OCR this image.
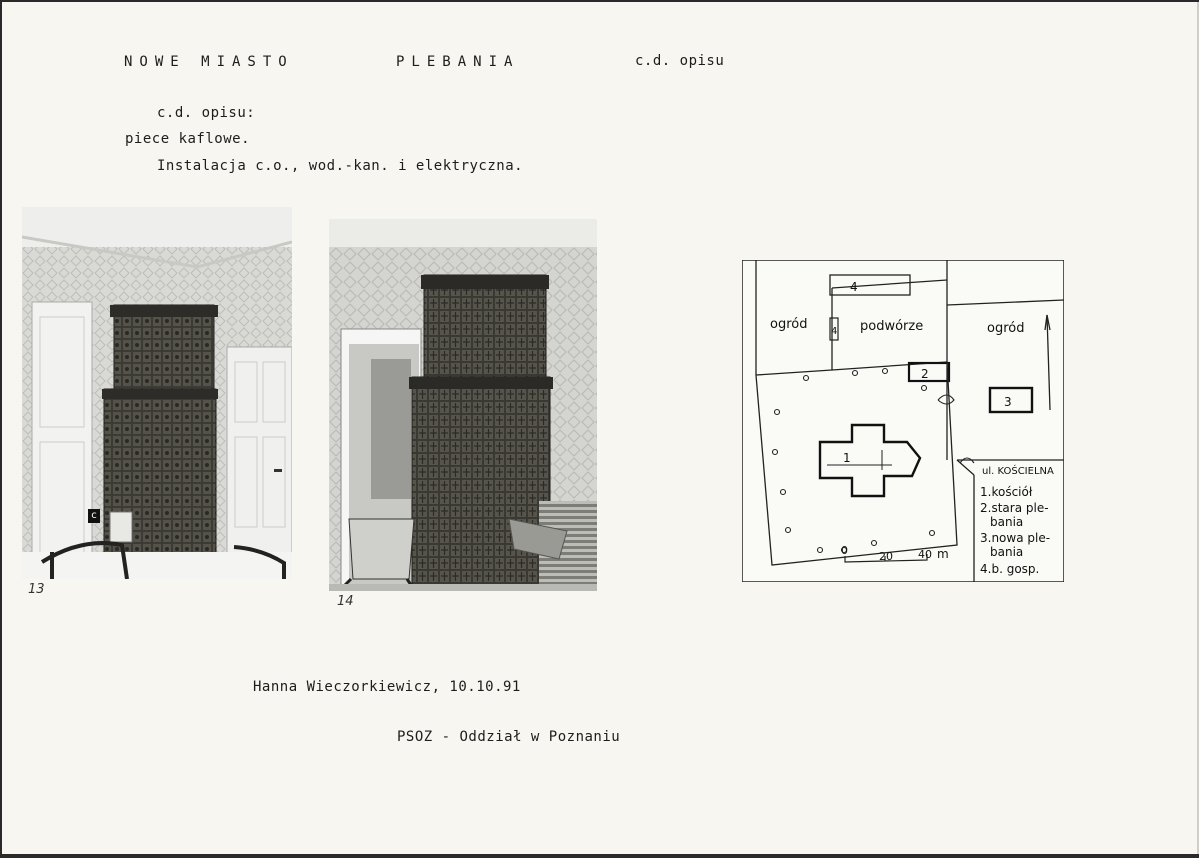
NOWE MIASTO	PLEBANIA	c.d. opisu
c.d. opisu:
piece kaflowe.
Instalacja c.o., wod.-kan. i elektryczna.
c
13
14
ogród	podwórze	ogród
4
4
1
2
3
ul. KOŚCIELNA
1.kościół
2.stara ple-
bania
3.nowa ple-
bania
4.b. gosp.
0	20 40 m
Hanna Wieczorkiewicz, 10.10.91
PSOZ - Oddział w Poznaniu
